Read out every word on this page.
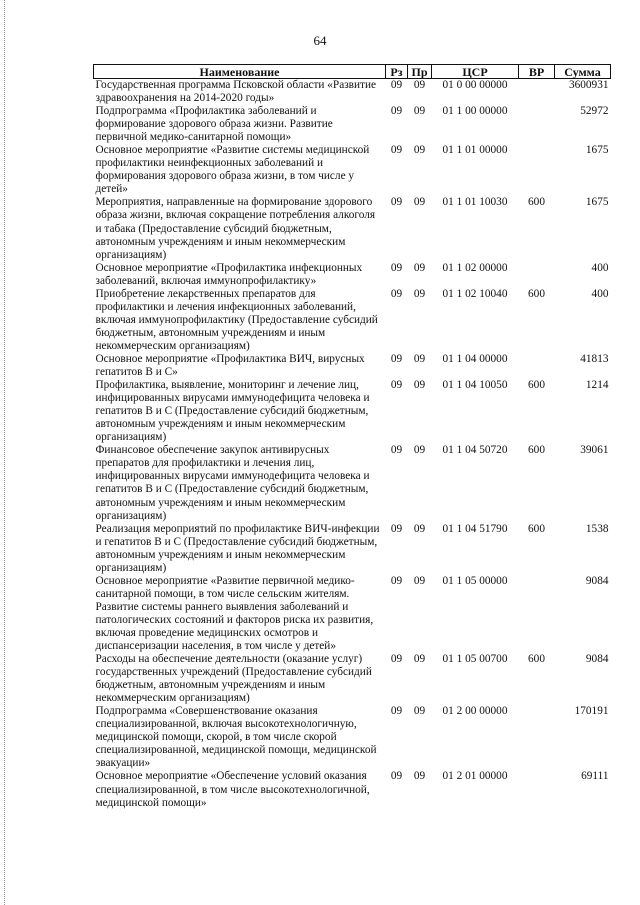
64
Наименование	Рз	Пр	ЦСР	ВР	Сумма
Государственная программа Псковской области «Развитие здравоохранения на 2014-2020 годы»	09	09	01 0 00 00000		3600931
Подпрограмма «Профилактика заболеваний и формирование здорового образа жизни. Развитие первичной медико-санитарной помощи»	09	09	01 1 00 00000		52972
Основное мероприятие «Развитие системы медицинской профилактики неинфекционных заболеваний и формирования здорового образа жизни, в том числе у детей»	09	09	01 1 01 00000		1675
Мероприятия, направленные на формирование здорового образа жизни, включая сокращение потребления алкоголя и табака (Предоставление субсидий бюджетным, автономным учреждениям и иным некоммерческим организациям)	09	09	01 1 01 10030	600	1675
Основное мероприятие «Профилактика инфекционных заболеваний, включая иммунопрофилактику»	09	09	01 1 02 00000		400
Приобретение лекарственных препаратов для профилактики и лечения инфекционных заболеваний, включая иммунопрофилактику (Предоставление субсидий бюджетным, автономным учреждениям и иным некоммерческим организациям)	09	09	01 1 02 10040	600	400
Основное мероприятие «Профилактика ВИЧ, вирусных гепатитов В и С»	09	09	01 1 04 00000		41813
Профилактика, выявление, мониторинг и лечение лиц, инфицированных вирусами иммунодефицита человека и гепатитов В и С (Предоставление субсидий бюджетным, автономным учреждениям и иным некоммерческим организациям)	09	09	01 1 04 10050	600	1214
Финансовое обеспечение закупок антивирусных препаратов для профилактики и лечения лиц, инфицированных вирусами иммунодефицита человека и гепатитов В и С (Предоставление субсидий бюджетным, автономным учреждениям и иным некоммерческим организациям)	09	09	01 1 04 50720	600	39061
Реализация мероприятий по профилактике ВИЧ-инфекции и гепатитов В и С (Предоставление субсидий бюджетным, автономным учреждениям и иным некоммерческим организациям)	09	09	01 1 04 51790	600	1538
Основное мероприятие «Развитие первичной медико-санитарной помощи, в том числе сельским жителям. Развитие системы раннего выявления заболеваний и патологических состояний и факторов риска их развития, включая проведение медицинских осмотров и диспансеризации населения, в том числе у детей»	09	09	01 1 05 00000		9084
Расходы на обеспечение деятельности (оказание услуг) государственных учреждений (Предоставление субсидий бюджетным, автономным учреждениям и иным некоммерческим организациям)	09	09	01 1 05 00700	600	9084
Подпрограмма «Совершенствование оказания специализированной, включая высокотехнологичную, медицинской помощи, скорой, в том числе скорой специализированной, медицинской помощи, медицинской эвакуации»	09	09	01 2 00 00000		170191
Основное мероприятие «Обеспечение условий оказания специализированной, в том числе высокотехнологичной, медицинской помощи»	09	09	01 2 01 00000		69111
